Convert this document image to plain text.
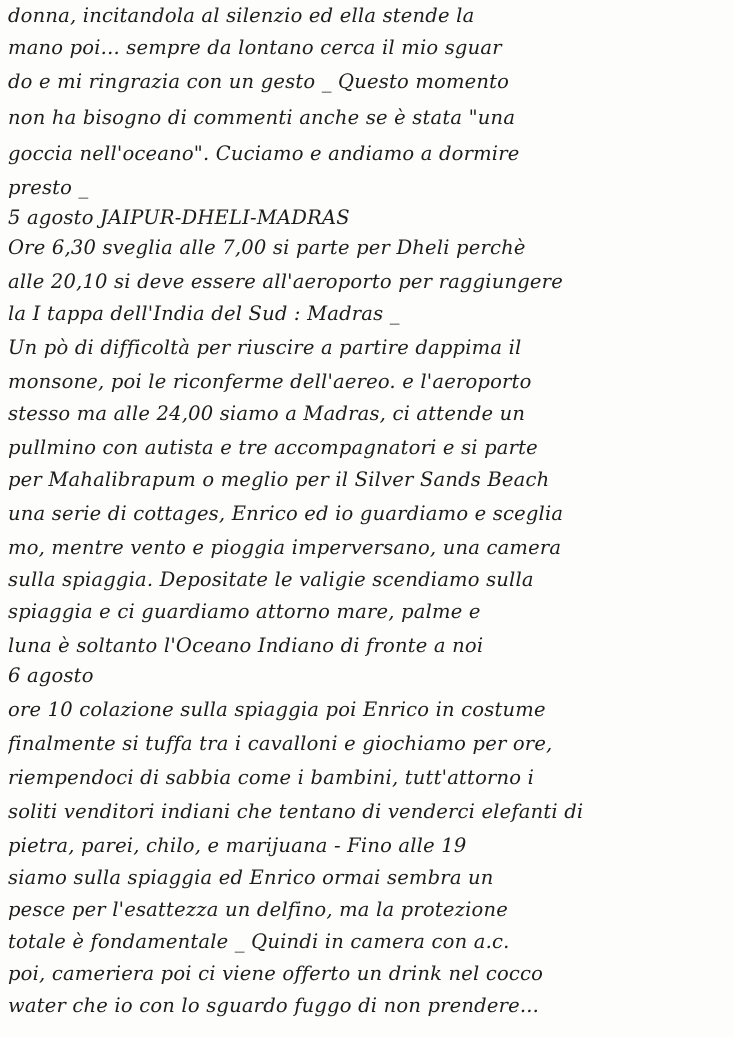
donna, incitandola al silenzio ed ella stende la
mano poi... sempre da lontano cerca il mio sguar
do e mi ringrazia con un gesto _ Questo momento
non ha bisogno di commenti anche se è stata "una
goccia nell'oceano". Cuciamo e andiamo a dormire
presto _
5 agosto JAIPUR-DHELI-MADRAS
Ore 6,30 sveglia alle 7,00 si parte per Dheli perchè
alle 20,10 si deve essere all'aeroporto per raggiungere
la I tappa dell'India del Sud : Madras _
Un pò di difficoltà per riuscire a partire dappima il
monsone, poi le riconferme dell'aereo. e l'aeroporto
stesso ma alle 24,00 siamo a Madras, ci attende un
pullmino con autista e tre accompagnatori e si parte
per Mahalibrapum o meglio per il Silver Sands Beach
una serie di cottages, Enrico ed io guardiamo e sceglia
mo, mentre vento e pioggia imperversano, una camera
sulla spiaggia. Depositate le valigie scendiamo sulla
spiaggia e ci guardiamo attorno mare, palme e
luna è soltanto l'Oceano Indiano di fronte a noi
6 agosto
ore 10 colazione sulla spiaggia poi Enrico in costume
finalmente si tuffa tra i cavalloni e giochiamo per ore,
riempendoci di sabbia come i bambini, tutt'attorno i
soliti venditori indiani che tentano di venderci elefanti di
pietra, parei, chilo, e marijuana - Fino alle 19
siamo sulla spiaggia ed Enrico ormai sembra un
pesce per l'esattezza un delfino, ma la protezione
totale è fondamentale _ Quindi in camera con a.c.
poi, cameriera poi ci viene offerto un drink nel cocco
water che io con lo sguardo fuggo di non prendere...
